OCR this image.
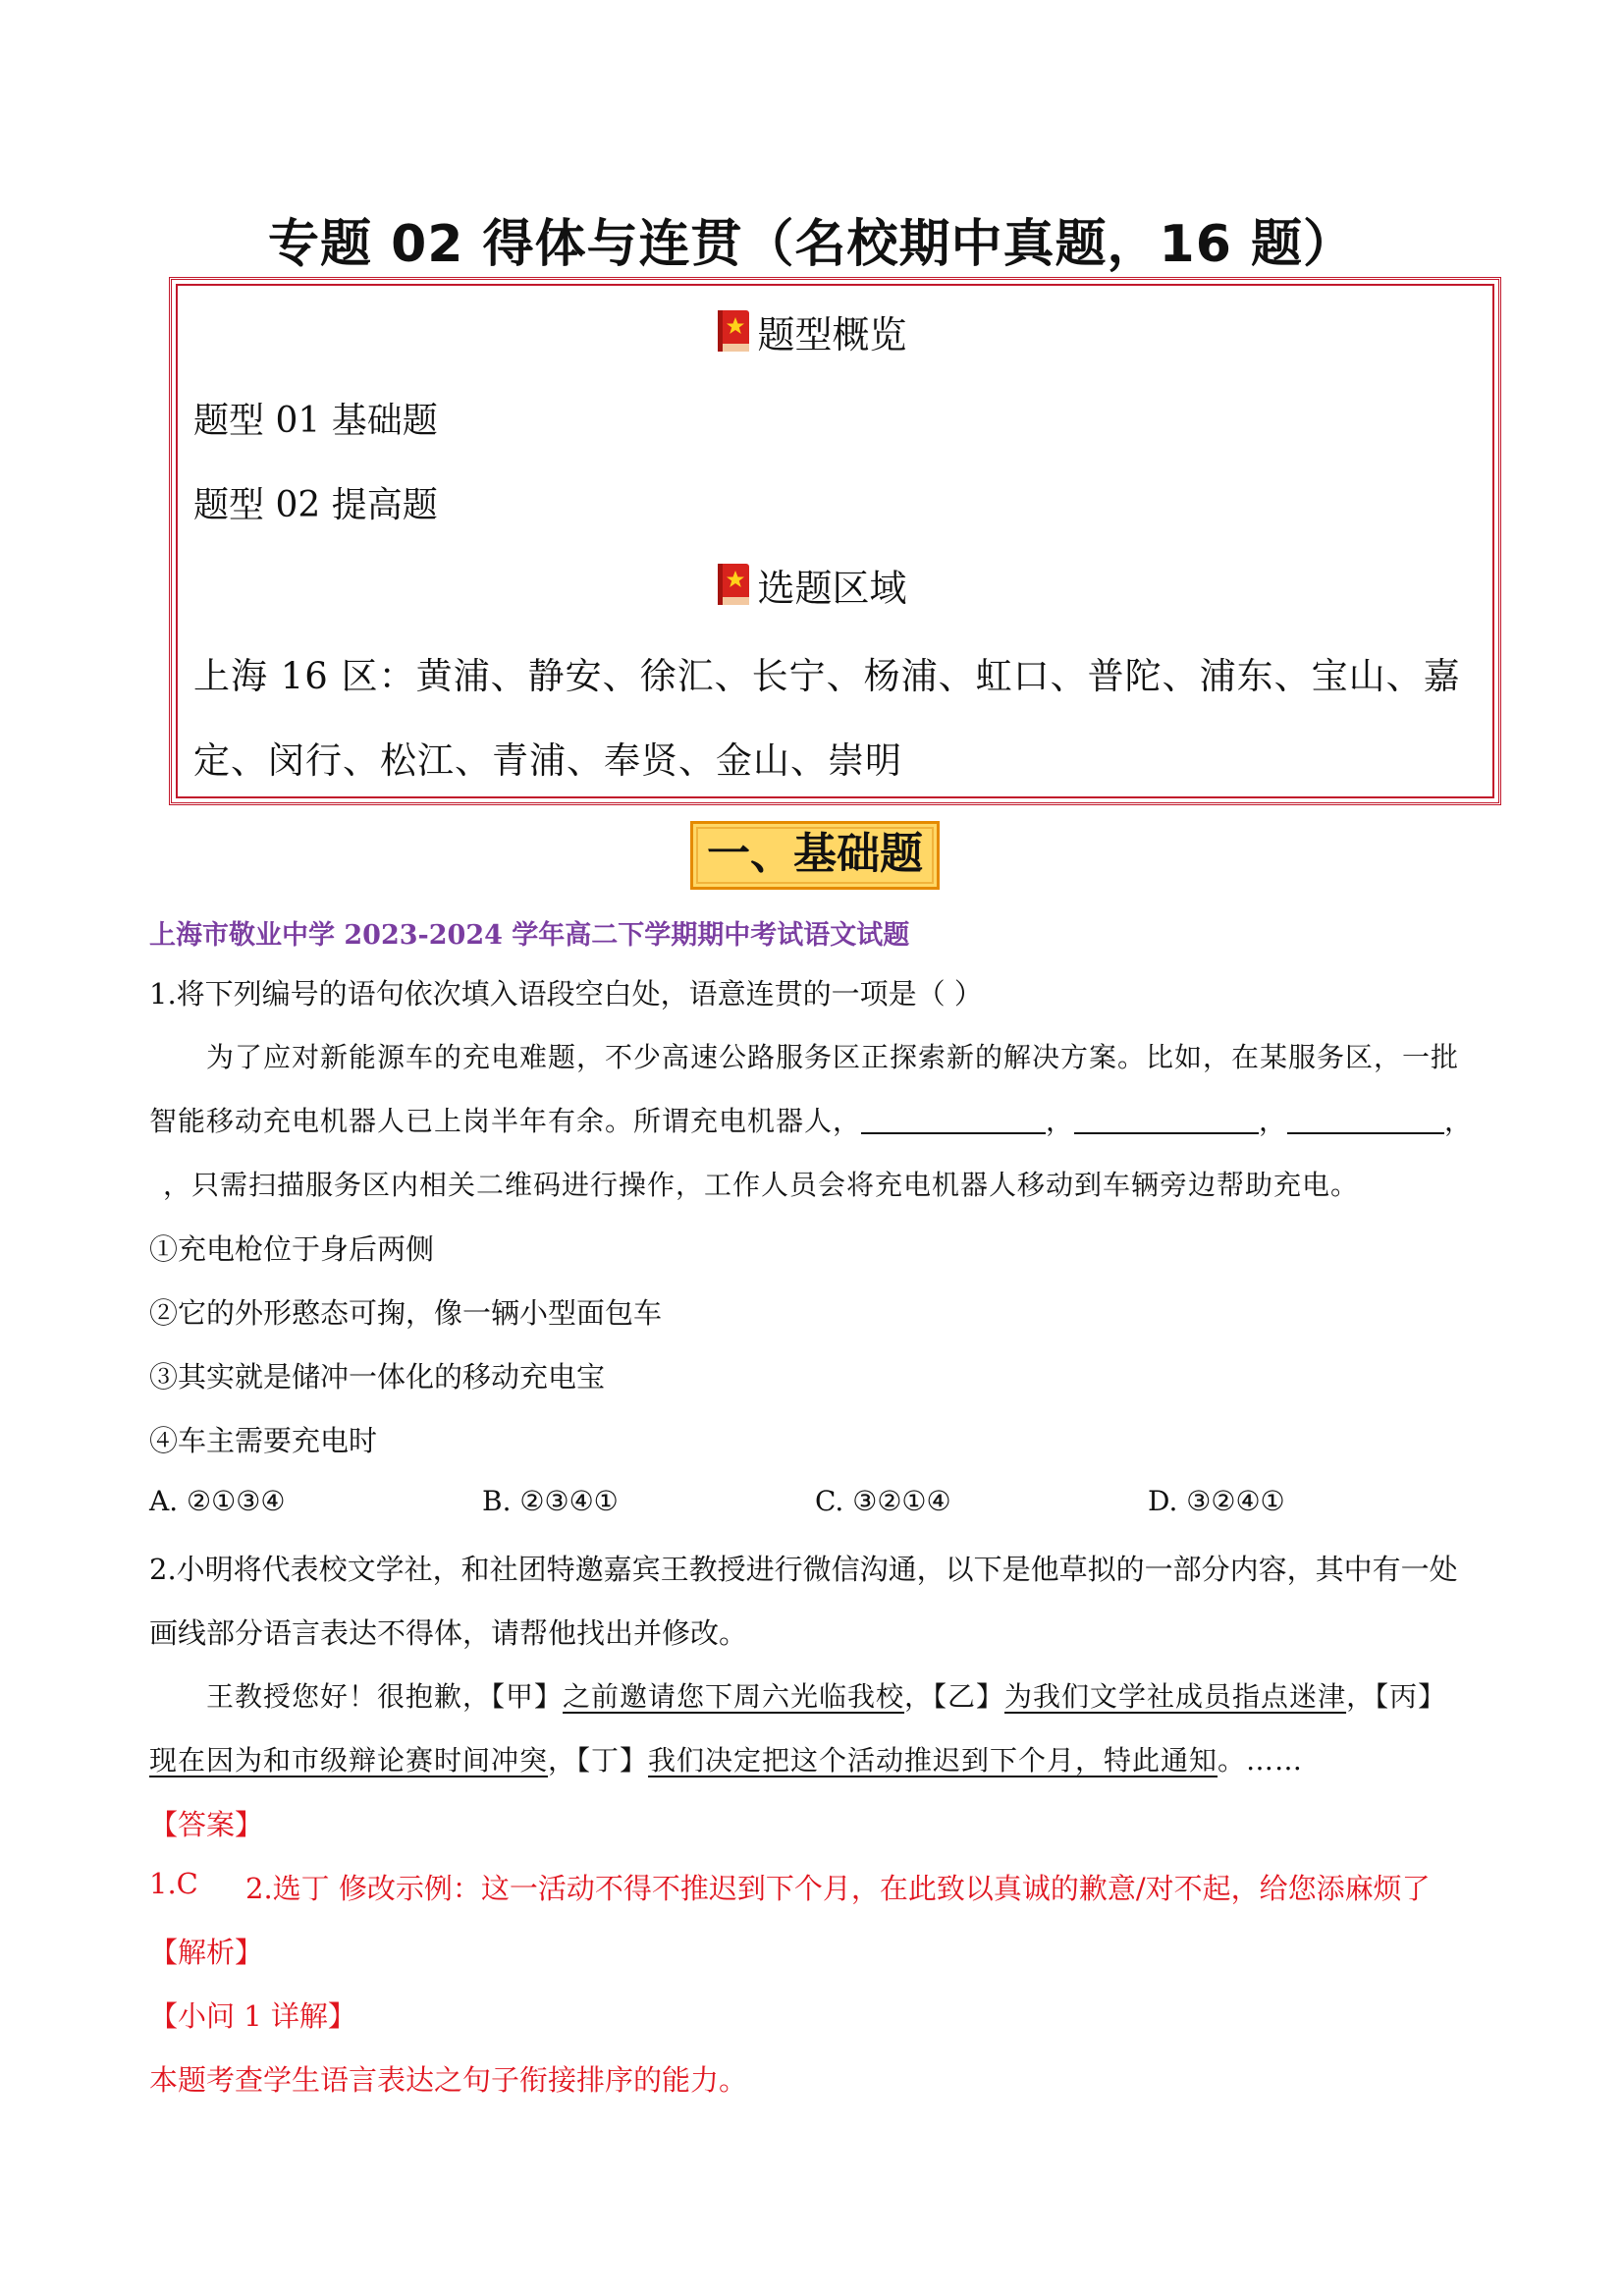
专题 02 得体与连贯（名校期中真题，16 题）
题型概览
题型 01 基础题
题型 02 提高题
选题区域
上海 16 区：黄浦、静安、徐汇、长宁、杨浦、虹口、普陀、浦东、宝山、嘉
定、闵行、松江、青浦、奉贤、金山、崇明
一、基础题
上海市敬业中学 2023-2024 学年高二下学期期中考试语文试题
1.将下列编号的语句依次填入语段空白处，语意连贯的一项是（ ）
为了应对新能源车的充电难题，不少高速公路服务区正探索新的解决方案。比如，在某服务区，一批
智能移动充电机器人已上岗半年有余。所谓充电机器人，	，	，	，
，只需扫描服务区内相关二维码进行操作，工作人员会将充电机器人移动到车辆旁边帮助充电。
①充电枪位于身后两侧
②它的外形憨态可掬，像一辆小型面包车
③其实就是储冲一体化的移动充电宝
④车主需要充电时
A. ②①③④	B. ②③④①	C. ③②①④	D. ③②④①
2.小明将代表校文学社，和社团特邀嘉宾王教授进行微信沟通，以下是他草拟的一部分内容，其中有一处
画线部分语言表达不得体，请帮他找出并修改。
王教授您好！很抱歉，【甲】之前邀请您下周六光临我校，【乙】为我们文学社成员指点迷津，【丙】
现在因为和市级辩论赛时间冲突，【丁】我们决定把这个活动推迟到下个月，特此通知。……
【答案】
1.C 2.选丁 修改示例：这一活动不得不推迟到下个月，在此致以真诚的歉意/对不起，给您添麻烦了
【解析】
【小问 1 详解】
本题考查学生语言表达之句子衔接排序的能力。
